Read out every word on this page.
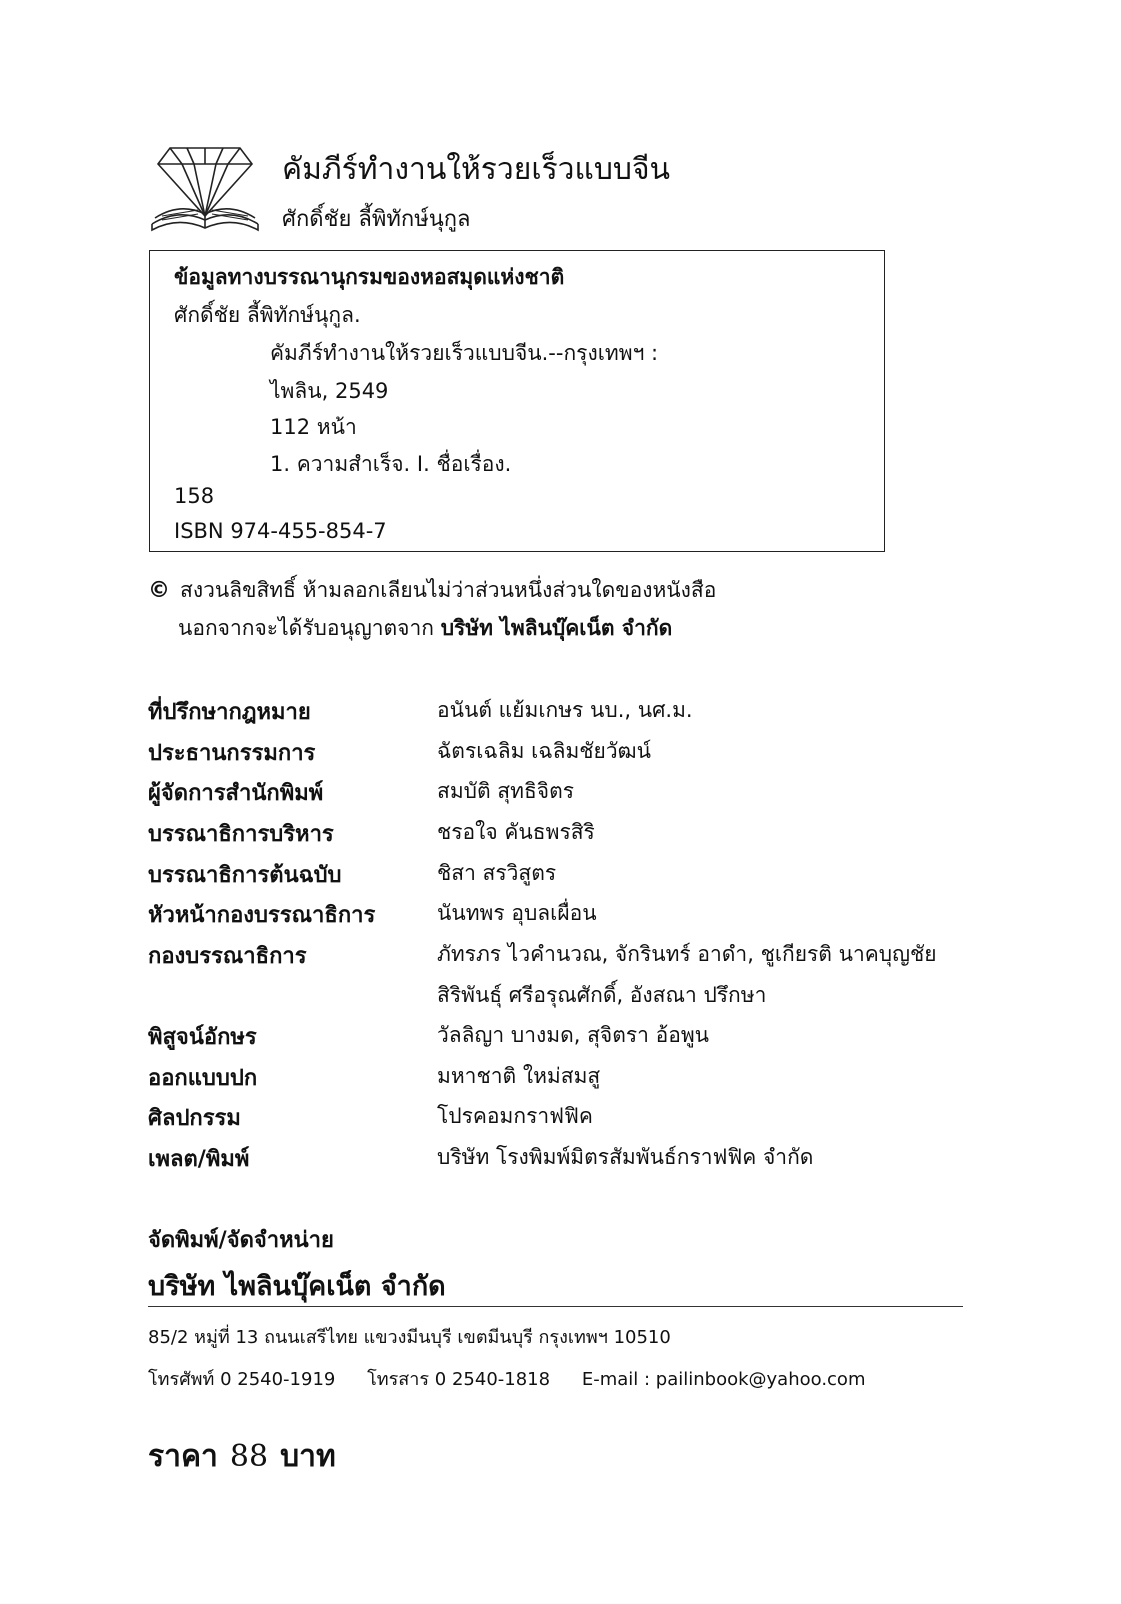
คัมภีร์ทำงานให้รวยเร็วแบบจีน
ศักดิ์ชัย ลี้พิทักษ์นุกูล
ข้อมูลทางบรรณานุกรมของหอสมุดแห่งชาติ
ศักดิ์ชัย ลี้พิทักษ์นุกูล.
คัมภีร์ทำงานให้รวยเร็วแบบจีน.--กรุงเทพฯ :
ไพลิน, 2549
112 หน้า
1. ความสำเร็จ. I. ชื่อเรื่อง.
158
ISBN 974-455-854-7
© สงวนลิขสิทธิ์ ห้ามลอกเลียนไม่ว่าส่วนหนึ่งส่วนใดของหนังสือ
นอกจากจะได้รับอนุญาตจาก บริษัท ไพลินบุ๊คเน็ต จำกัด
ที่ปรึกษากฎหมาย	อนันต์ แย้มเกษร นบ., นศ.ม.
ประธานกรรมการ	ฉัตรเฉลิม เฉลิมชัยวัฒน์
ผู้จัดการสำนักพิมพ์	สมบัติ สุทธิจิตร
บรรณาธิการบริหาร	ชรอใจ คันธพรสิริ
บรรณาธิการต้นฉบับ	ชิสา สรวิสูตร
หัวหน้ากองบรรณาธิการ	นันทพร อุบลเผื่อน
กองบรรณาธิการ	ภัทรภร ไวคำนวณ, จักรินทร์ อาดำ, ชูเกียรติ นาคบุญชัย
สิริพันธุ์ ศรีอรุณศักดิ์, อังสณา ปรึกษา
พิสูจน์อักษร	วัลลิญา บางมด, สุจิตรา อ้อพูน
ออกแบบปก	มหาชาติ ใหม่สมสู
ศิลปกรรม	โปรคอมกราฟฟิค
เพลต/พิมพ์	บริษัท โรงพิมพ์มิตรสัมพันธ์กราฟฟิค จำกัด
จัดพิมพ์/จัดจำหน่าย
บริษัท ไพลินบุ๊คเน็ต จำกัด
85/2 หมู่ที่ 13 ถนนเสรีไทย แขวงมีนบุรี เขตมีนบุรี กรุงเทพฯ 10510
โทรศัพท์ 0 2540-1919 โทรสาร 0 2540-1818 E-mail : pailinbook@yahoo.com
ราคา 88 บาท
